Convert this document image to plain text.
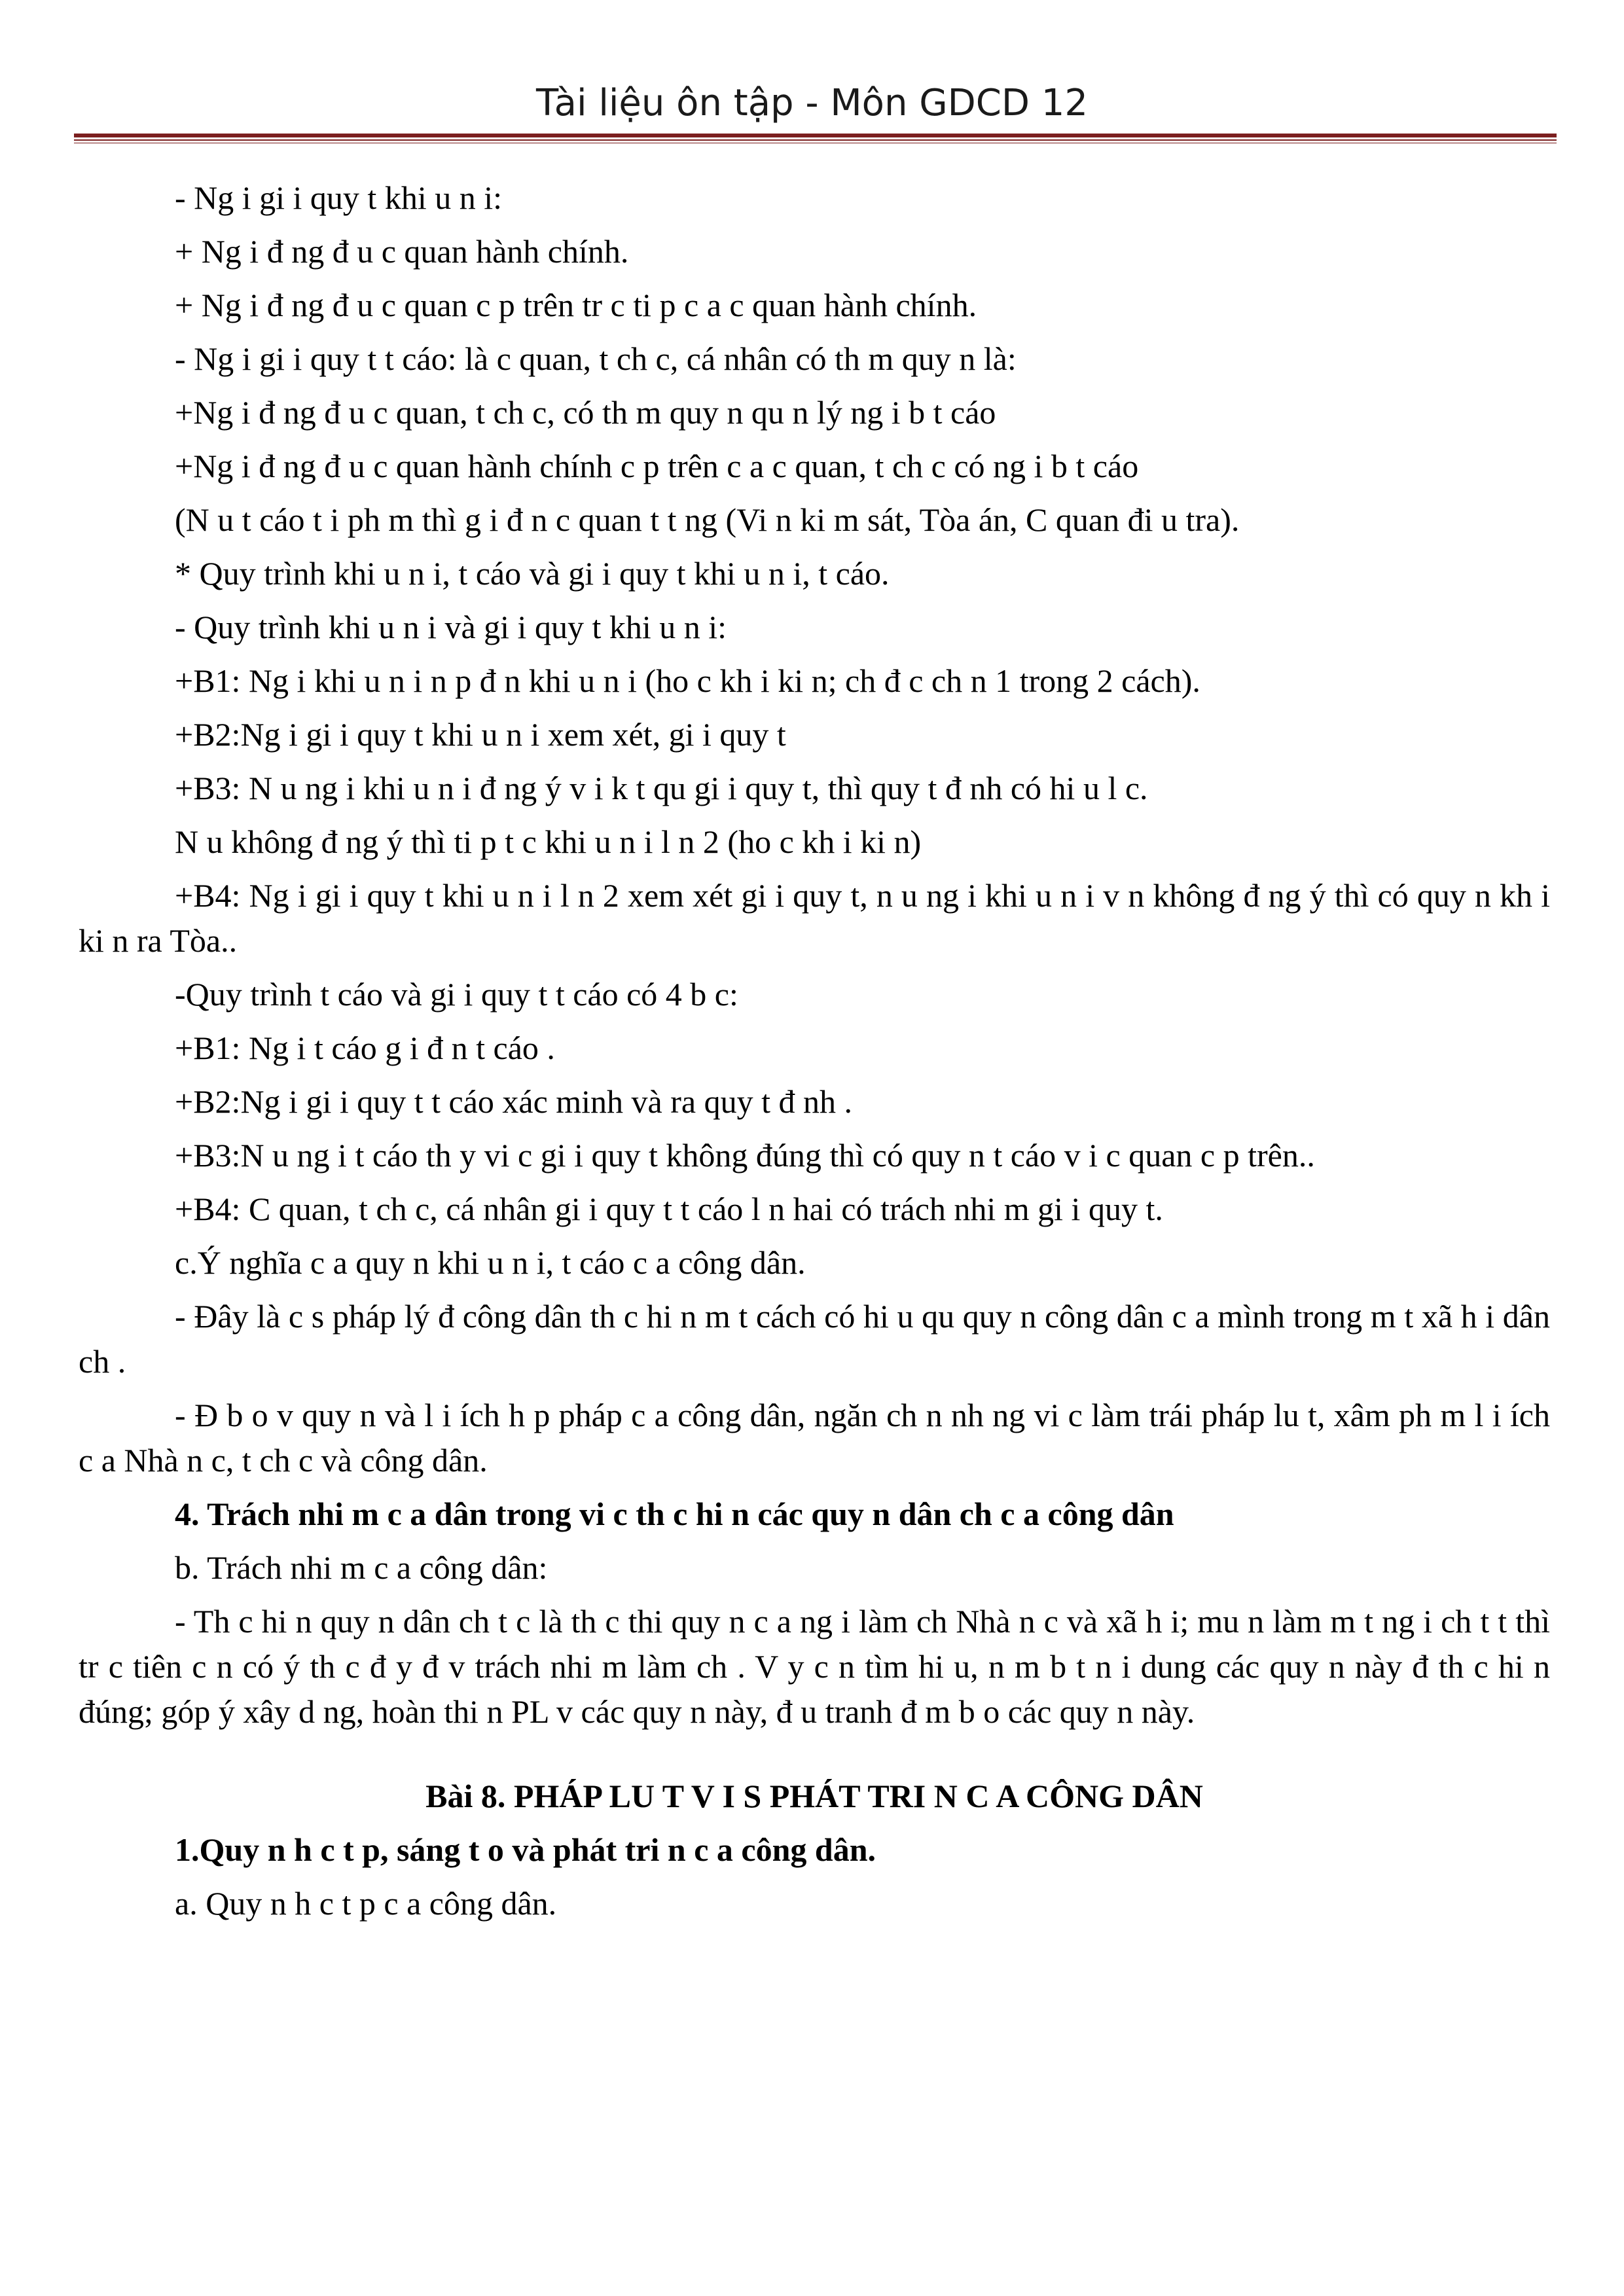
Tài liệu ôn tập - Môn GDCD 12

- Ng i gi i quy t khi u n i:

+ Ng i đ ng đ u c quan hành chính.

+ Ng i đ ng đ u c quan c p trên tr c ti p c a c quan hành chính.

- Ng i gi i quy t t cáo: là c quan, t ch c, cá nhân có th m quy n là:

+Ng i đ ng đ u c quan, t ch c, có th m quy n qu n lý ng i b t cáo

+Ng i đ ng đ u c quan hành chính c p trên c a c quan, t ch c có ng i b t cáo

(N u t cáo t i ph m thì g i đ n c quan t t ng (Vi n ki m sát, Tòa án, C quan đi u tra).

* Quy trình khi u n i, t cáo và gi i quy t khi u n i, t cáo.

- Quy trình khi u n i và gi i quy t khi u n i:

+B1: Ng i khi u n i n p đ n khi u n i (ho c kh i ki n; ch đ c ch n 1 trong 2 cách).

+B2:Ng i gi i quy t khi u n i xem xét, gi i quy t

+B3: N u ng i khi u n i đ ng ý v i k t qu gi i quy t, thì quy t đ nh có hi u l c.

N u không đ ng ý thì ti p t c khi u n i l n 2 (ho c kh i ki n)

+B4: Ng i gi i quy t khi u n i l n 2 xem xét gi i quy t, n u ng i khi u n i v n không đ ng ý thì có quy n kh i ki n ra Tòa..

-Quy trình t cáo và gi i quy t t cáo có 4 b c:

+B1: Ng i t cáo g i đ n t cáo .

+B2:Ng i gi i quy t t cáo xác minh và ra quy t đ nh .

+B3:N u ng i t cáo th y vi c gi i quy t không đúng thì có quy n t cáo v i c quan c p trên..

+B4: C quan, t ch c, cá nhân gi i quy t t cáo l n hai có trách nhi m gi i quy t.

c.Ý nghĩa c a quy n khi u n i, t cáo c a công dân.

- Đây là c s pháp lý đ công dân th c hi n m t cách có hi u qu quy n công dân c a mình trong m t xã h i dân ch .

- Đ b o v quy n và l i ích h p pháp c a công dân, ngăn ch n nh ng vi c làm trái pháp lu t, xâm ph m l i ích c a Nhà n c, t ch c và công dân.

4. Trách nhi m c a dân trong vi c th c hi n các quy n dân ch c a công dân

b. Trách nhi m c a công dân:

- Th c hi n quy n dân ch t c là th c thi quy n c a ng i làm ch Nhà n c và xã h i; mu n làm m t ng i ch t t thì tr c tiên c n có ý th c đ y đ v trách nhi m làm ch . V y c n tìm hi u, n m b t n i dung các quy n này đ th c hi n đúng; góp ý xây d ng, hoàn thi n PL v các quy n này, đ u tranh đ m b o các quy n này.

Bài 8. PHÁP LU T V I S PHÁT TRI N C A CÔNG DÂN

1.Quy n h c t p, sáng t o và phát tri n c a công dân.

a. Quy n h c t p c a công dân.
